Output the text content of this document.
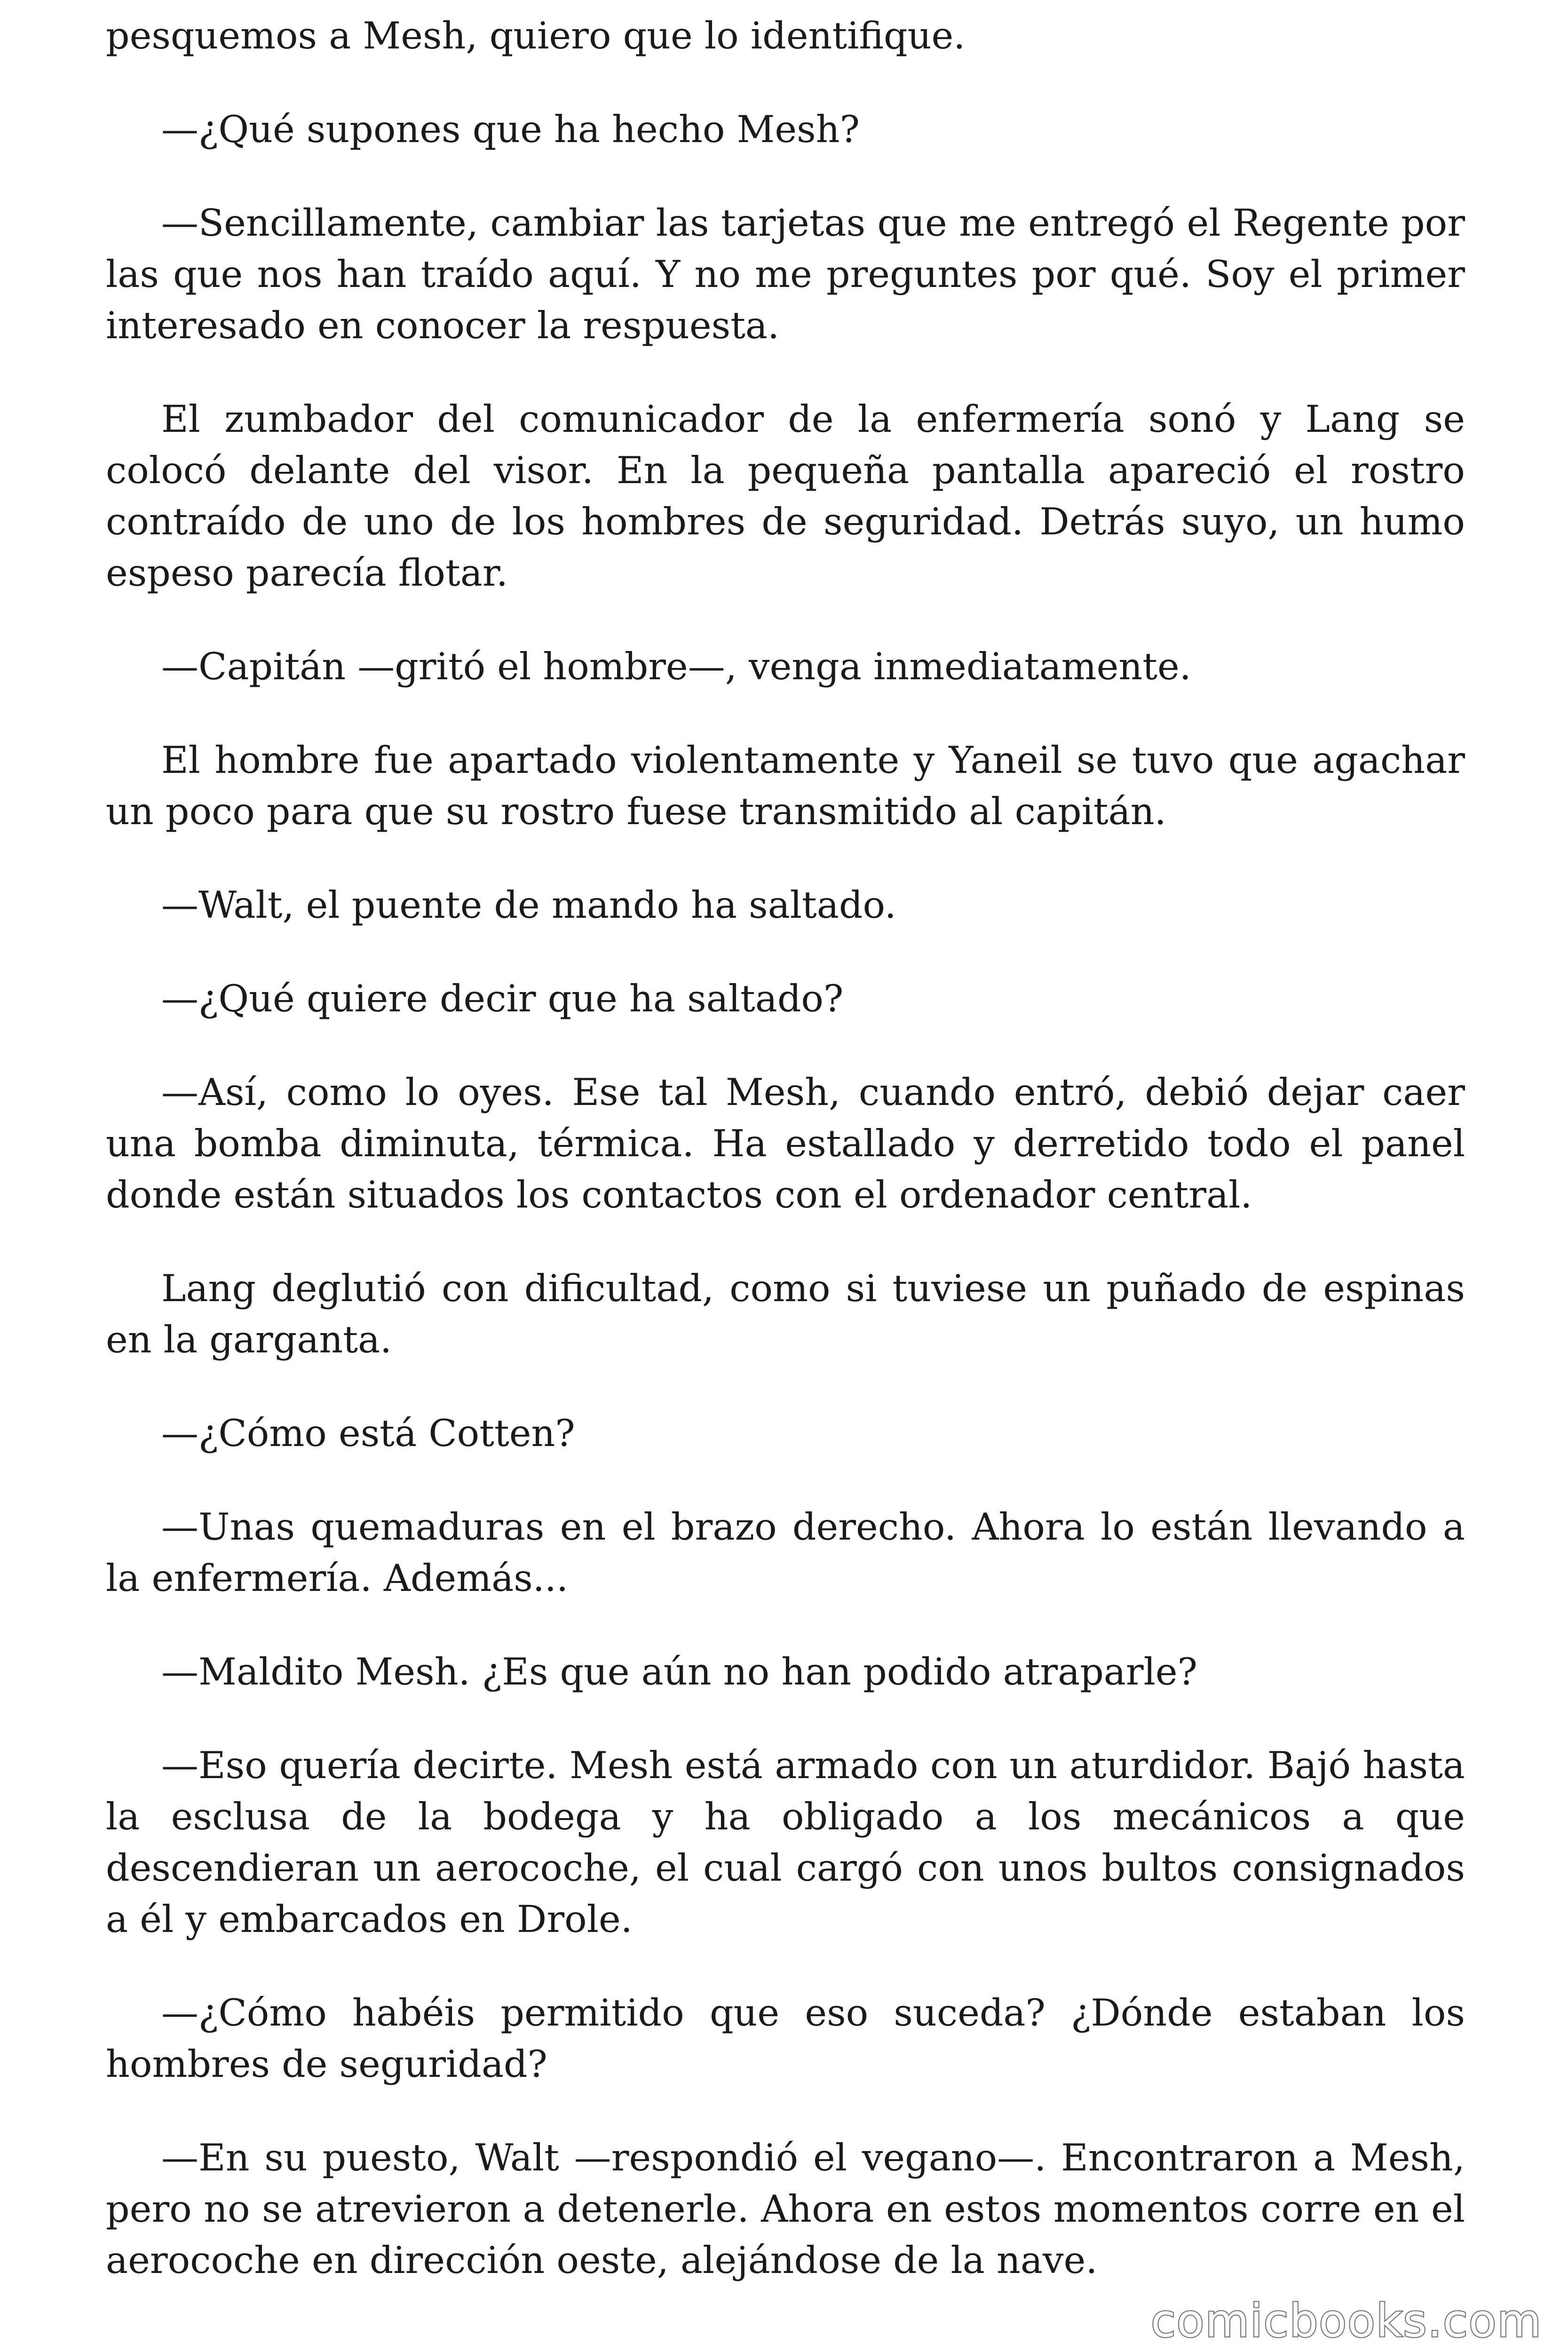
pesquemos a Mesh, quiero que lo identifique.

—¿Qué supones que ha hecho Mesh?

—Sencillamente, cambiar las tarjetas que me entregó el Regente por las que nos han traído aquí. Y no me preguntes por qué. Soy el primer interesado en conocer la respuesta.

El zumbador del comunicador de la enfermería sonó y Lang se colocó delante del visor. En la pequeña pantalla apareció el rostro contraído de uno de los hombres de seguridad. Detrás suyo, un humo espeso parecía flotar.

—Capitán —gritó el hombre—, venga inmediatamente.

El hombre fue apartado violentamente y Yaneil se tuvo que agachar un poco para que su rostro fuese transmitido al capitán.

—Walt, el puente de mando ha saltado.

—¿Qué quiere decir que ha saltado?

—Así, como lo oyes. Ese tal Mesh, cuando entró, debió dejar caer una bomba diminuta, térmica. Ha estallado y derretido todo el panel donde están situados los contactos con el ordenador central.

Lang deglutió con dificultad, como si tuviese un puñado de espinas en la garganta.

—¿Cómo está Cotten?

—Unas quemaduras en el brazo derecho. Ahora lo están llevando a la enfermería. Además...

—Maldito Mesh. ¿Es que aún no han podido atraparle?

—Eso quería decirte. Mesh está armado con un aturdidor. Bajó hasta la esclusa de la bodega y ha obligado a los mecánicos a que descendieran un aerocoche, el cual cargó con unos bultos consignados a él y embarcados en Drole.

—¿Cómo habéis permitido que eso suceda? ¿Dónde estaban los hombres de seguridad?

—En su puesto, Walt —respondió el vegano—. Encontraron a Mesh, pero no se atrevieron a detenerle. Ahora en estos momentos corre en el aerocoche en dirección oeste, alejándose de la nave.

comicbooks.com
